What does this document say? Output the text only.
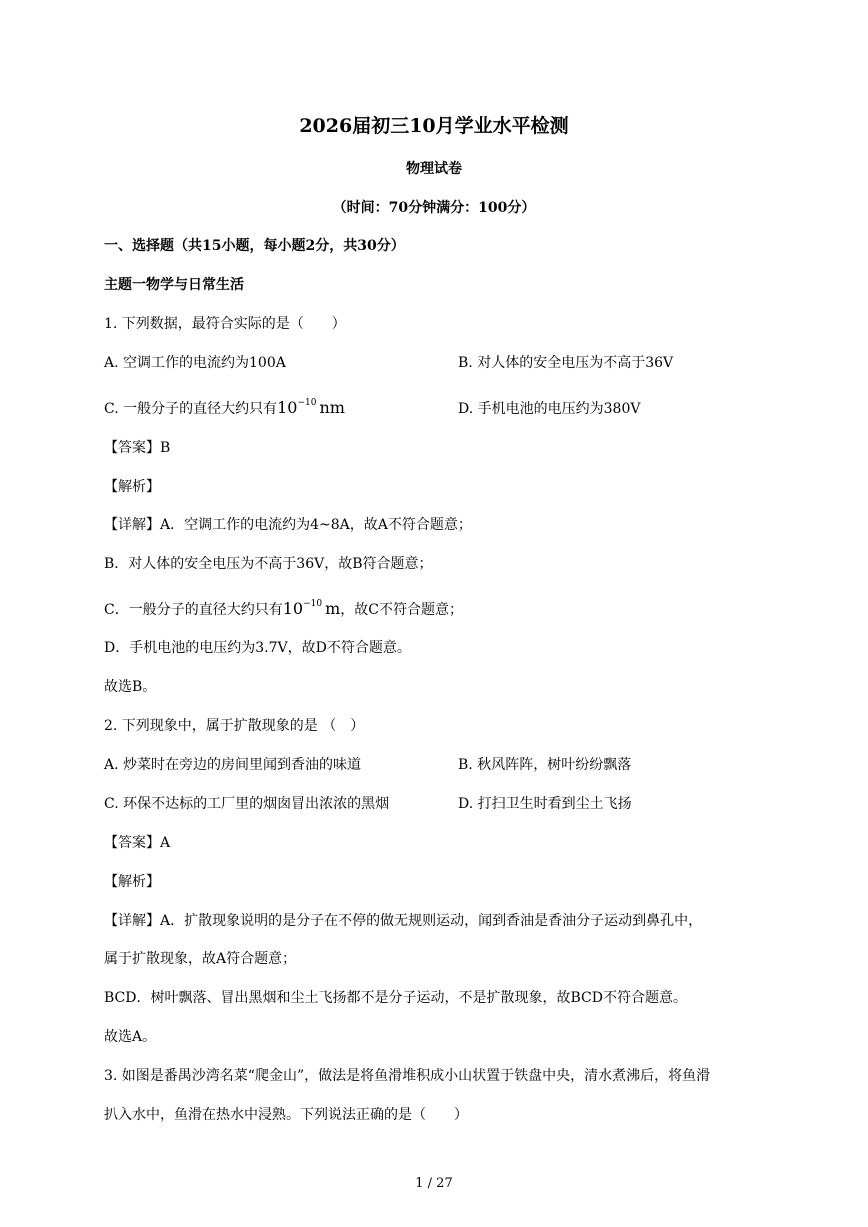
2026届初三10月学业水平检测
物理试卷
（时间：70分钟满分：100分）
一、选择题（共15小题，每小题2分，共30分）
主题一物学与日常生活
1. 下列数据，最符合实际的是（　　）
A. 空调工作的电流约为100A	B. 对人体的安全电压为不高于36V
C. 一般分子的直径大约只有$10^{-10}$ nm	D. 手机电池的电压约为380V
【答案】B
【解析】
【详解】A．空调工作的电流约为4~8A，故A不符合题意；
B．对人体的安全电压为不高于36V，故B符合题意；
C．一般分子的直径大约只有$10^{-10}$ m，故C不符合题意；
D．手机电池的电压约为3.7V，故D不符合题意。
故选B。
2. 下列现象中，属于扩散现象的是 （　）
A. 炒菜时在旁边的房间里闻到香油的味道	B. 秋风阵阵，树叶纷纷飘落
C. 环保不达标的工厂里的烟囱冒出浓浓的黑烟	D. 打扫卫生时看到尘土飞扬
【答案】A
【解析】
【详解】A．扩散现象说明的是分子在不停的做无规则运动，闻到香油是香油分子运动到鼻孔中，
属于扩散现象，故A符合题意；
BCD．树叶飘落、冒出黑烟和尘土飞扬都不是分子运动，不是扩散现象，故BCD不符合题意。
故选A。
3. 如图是番禺沙湾名菜“爬金山”，做法是将鱼滑堆积成小山状置于铁盘中央，清水煮沸后，将鱼滑
扒入水中，鱼滑在热水中浸熟。下列说法正确的是（　　）
1 / 27
